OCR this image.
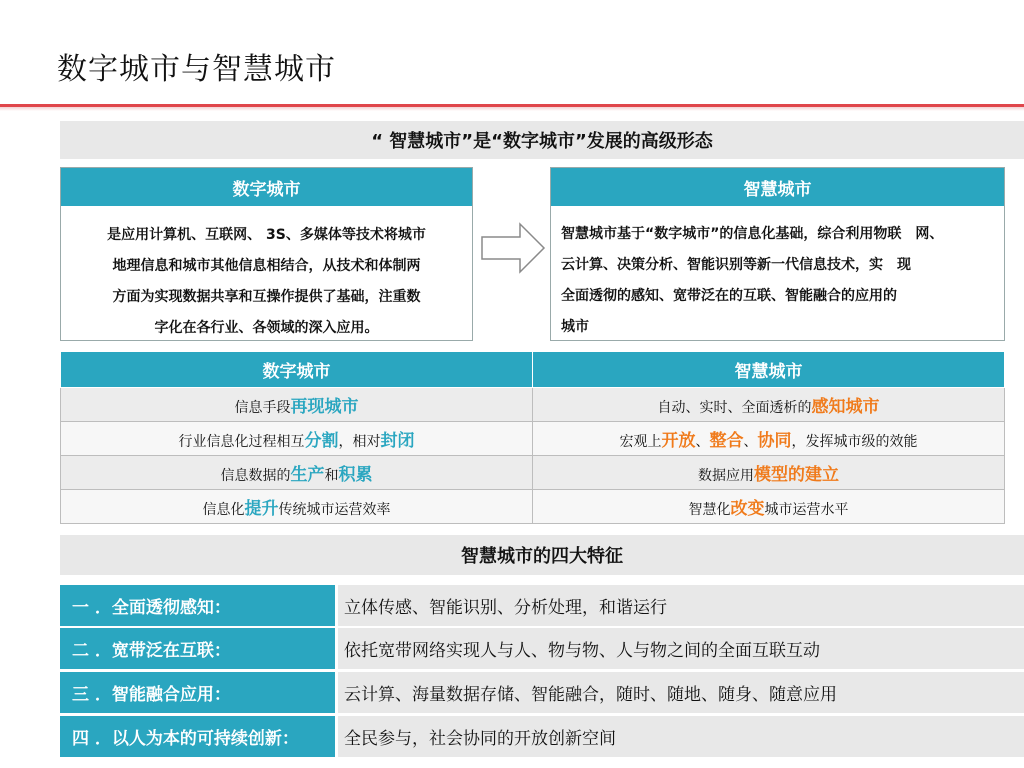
数字城市与智慧城市
“ 智慧城市”是“数字城市”发展的高级形态
数字城市
是应用计算机、互联网、 3S、多媒体等技术将城市
地理信息和城市其他信息相结合，从技术和体制两
方面为实现数据共享和互操作提供了基础，注重数
字化在各行业、各领域的深入应用。
智慧城市
智慧城市基于“数字城市”的信息化基础，综合利用物联　网、
云计算、决策分析、智能识别等新一代信息技术，实　现
全面透彻的感知、宽带泛在的互联、智能融合的应用的
城市
数字城市	智慧城市
信息手段再现城市	自动、实时、全面透析的感知城市
行业信息化过程相互分割，相对封闭	宏观上开放、整合、协同，发挥城市级的效能
信息数据的生产和积累	数据应用模型的建立
信息化提升传统城市运营效率	智慧化改变城市运营水平
智慧城市的四大特征
一 ．全面透彻感知：	立体传感、智能识别、分析处理，和谐运行
二 ．宽带泛在互联：	依托宽带网络实现人与人、物与物、人与物之间的全面互联互动
三 ．智能融合应用：	云计算、海量数据存储、智能融合，随时、随地、随身、随意应用
四 ．以人为本的可持续创新：	全民参与，社会协同的开放创新空间
